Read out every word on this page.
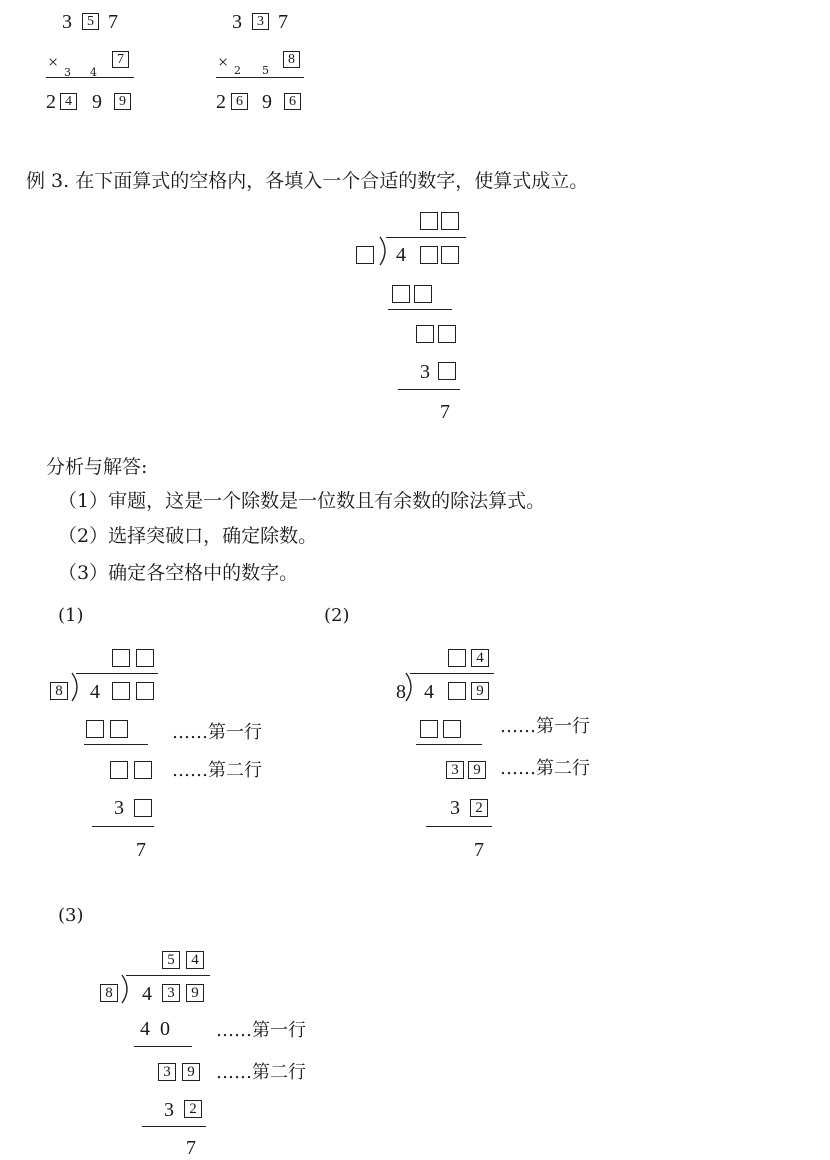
3	5 7
×
3 4
7
2 4 9	9
3	3 7
× 2 5
8
2 6 9	6
例 3. 在下面算式的空格内，各填入一个合适的数字，使算式成立。
4
3
7
分析与解答:
（1）审题，这是一个除数是一位数且有余数的除法算式。
（2）选择突破口，确定除数。
（3）确定各空格中的数字。
(1)
8 4
……第一行
……第二行
3
7
(2)
4
8 4	9
……第一行
3 9 ……第二行
3	2
7
(3)
5	4
8 4	3	9
4  0	……第一行
3	9 ……第二行
3	2
7
